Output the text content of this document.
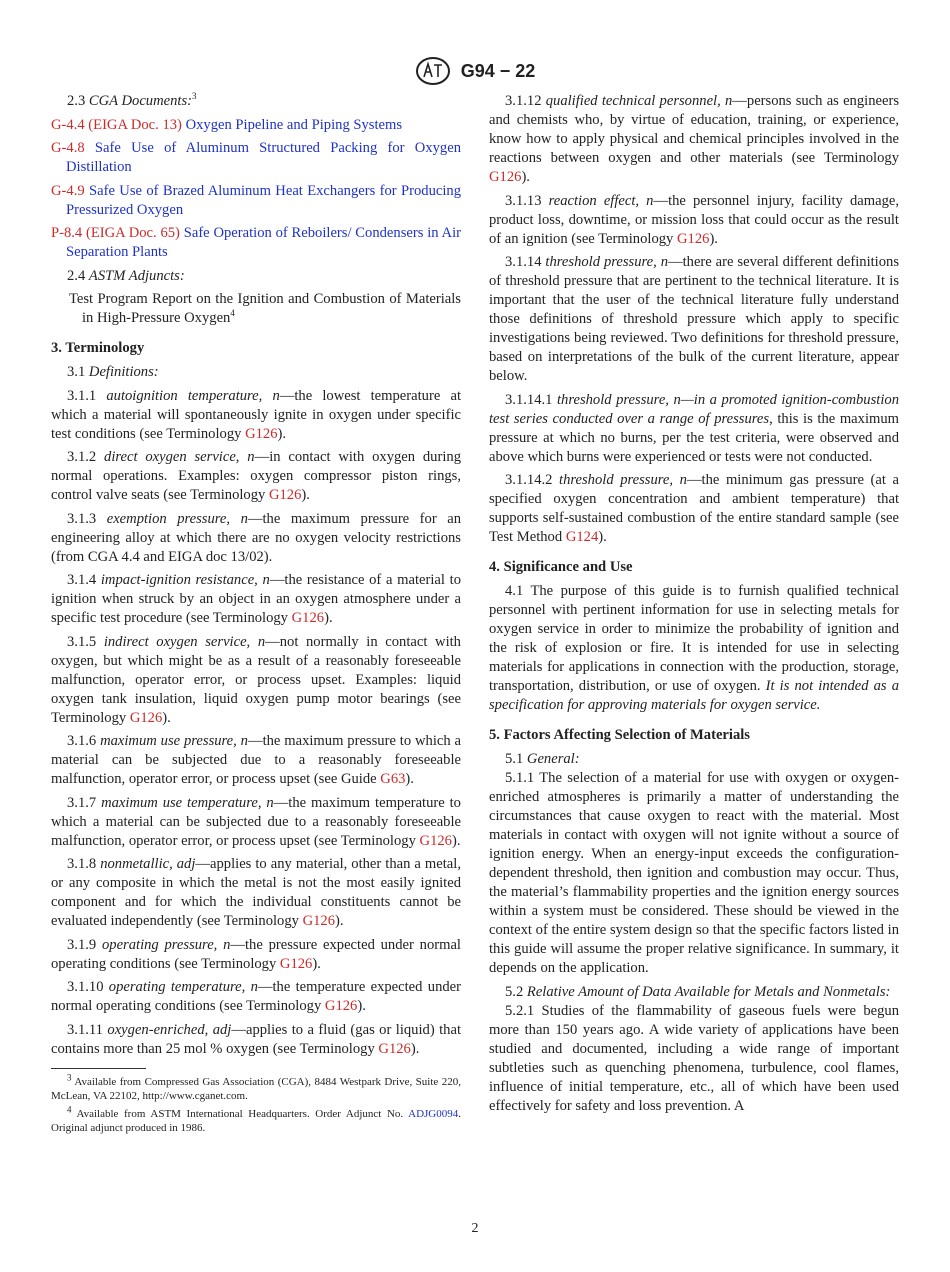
G94 − 22

2.3 CGA Documents:$^3$

G-4.4 (EIGA Doc. 13) Oxygen Pipeline and Piping Systems

G-4.8 Safe Use of Aluminum Structured Packing for Oxygen Distillation

G-4.9 Safe Use of Brazed Aluminum Heat Exchangers for Producing Pressurized Oxygen

P-8.4 (EIGA Doc. 65) Safe Operation of Reboilers/ Condensers in Air Separation Plants

2.4 ASTM Adjuncts:

Test Program Report on the Ignition and Combustion of Materials in High-Pressure Oxygen$^4$

3. Terminology

3.1 Definitions:

3.1.1 autoignition temperature, n—the lowest temperature at which a material will spontaneously ignite in oxygen under specific test conditions (see Terminology G126).

3.1.2 direct oxygen service, n—in contact with oxygen during normal operations. Examples: oxygen compressor piston rings, control valve seats (see Terminology G126).

3.1.3 exemption pressure, n—the maximum pressure for an engineering alloy at which there are no oxygen velocity restrictions (from CGA 4.4 and EIGA doc 13/02).

3.1.4 impact-ignition resistance, n—the resistance of a material to ignition when struck by an object in an oxygen atmosphere under a specific test procedure (see Terminology G126).

3.1.5 indirect oxygen service, n—not normally in contact with oxygen, but which might be as a result of a reasonably foreseeable malfunction, operator error, or process upset. Examples: liquid oxygen tank insulation, liquid oxygen pump motor bearings (see Terminology G126).

3.1.6 maximum use pressure, n—the maximum pressure to which a material can be subjected due to a reasonably foreseeable malfunction, operator error, or process upset (see Guide G63).

3.1.7 maximum use temperature, n—the maximum temperature to which a material can be subjected due to a reasonably foreseeable malfunction, operator error, or process upset (see Terminology G126).

3.1.8 nonmetallic, adj—applies to any material, other than a metal, or any composite in which the metal is not the most easily ignited component and for which the individual constituents cannot be evaluated independently (see Terminology G126).

3.1.9 operating pressure, n—the pressure expected under normal operating conditions (see Terminology G126).

3.1.10 operating temperature, n—the temperature expected under normal operating conditions (see Terminology G126).

3.1.11 oxygen-enriched, adj—applies to a fluid (gas or liquid) that contains more than 25 mol % oxygen (see Terminology G126).

$^3$ Available from Compressed Gas Association (CGA), 8484 Westpark Drive, Suite 220, McLean, VA 22102, http://www.cganet.com.

$^4$ Available from ASTM International Headquarters. Order Adjunct No. ADJG0094. Original adjunct produced in 1986.

3.1.12 qualified technical personnel, n—persons such as engineers and chemists who, by virtue of education, training, or experience, know how to apply physical and chemical principles involved in the reactions between oxygen and other materials (see Terminology G126).

3.1.13 reaction effect, n—the personnel injury, facility damage, product loss, downtime, or mission loss that could occur as the result of an ignition (see Terminology G126).

3.1.14 threshold pressure, n—there are several different definitions of threshold pressure that are pertinent to the technical literature. It is important that the user of the technical literature fully understand those definitions of threshold pressure which apply to specific investigations being reviewed. Two definitions for threshold pressure, based on interpretations of the bulk of the current literature, appear below.

3.1.14.1 threshold pressure, n—in a promoted ignition-combustion test series conducted over a range of pressures, this is the maximum pressure at which no burns, per the test criteria, were observed and above which burns were experienced or tests were not conducted.

3.1.14.2 threshold pressure, n—the minimum gas pressure (at a specified oxygen concentration and ambient temperature) that supports self-sustained combustion of the entire standard sample (see Test Method G124).

4. Significance and Use

4.1 The purpose of this guide is to furnish qualified technical personnel with pertinent information for use in selecting metals for oxygen service in order to minimize the probability of ignition and the risk of explosion or fire. It is intended for use in selecting materials for applications in connection with the production, storage, transportation, distribution, or use of oxygen. It is not intended as a specification for approving materials for oxygen service.

5. Factors Affecting Selection of Materials

5.1 General:

5.1.1 The selection of a material for use with oxygen or oxygen-enriched atmospheres is primarily a matter of understanding the circumstances that cause oxygen to react with the material. Most materials in contact with oxygen will not ignite without a source of ignition energy. When an energy-input exceeds the configuration-dependent threshold, then ignition and combustion may occur. Thus, the material’s flammability properties and the ignition energy sources within a system must be considered. These should be viewed in the context of the entire system design so that the specific factors listed in this guide will assume the proper relative significance. In summary, it depends on the application.

5.2 Relative Amount of Data Available for Metals and Nonmetals:

5.2.1 Studies of the flammability of gaseous fuels were begun more than 150 years ago. A wide variety of applications have been studied and documented, including a wide range of important subtleties such as quenching phenomena, turbulence, cool flames, influence of initial temperature, etc., all of which have been used effectively for safety and loss prevention. A

2
